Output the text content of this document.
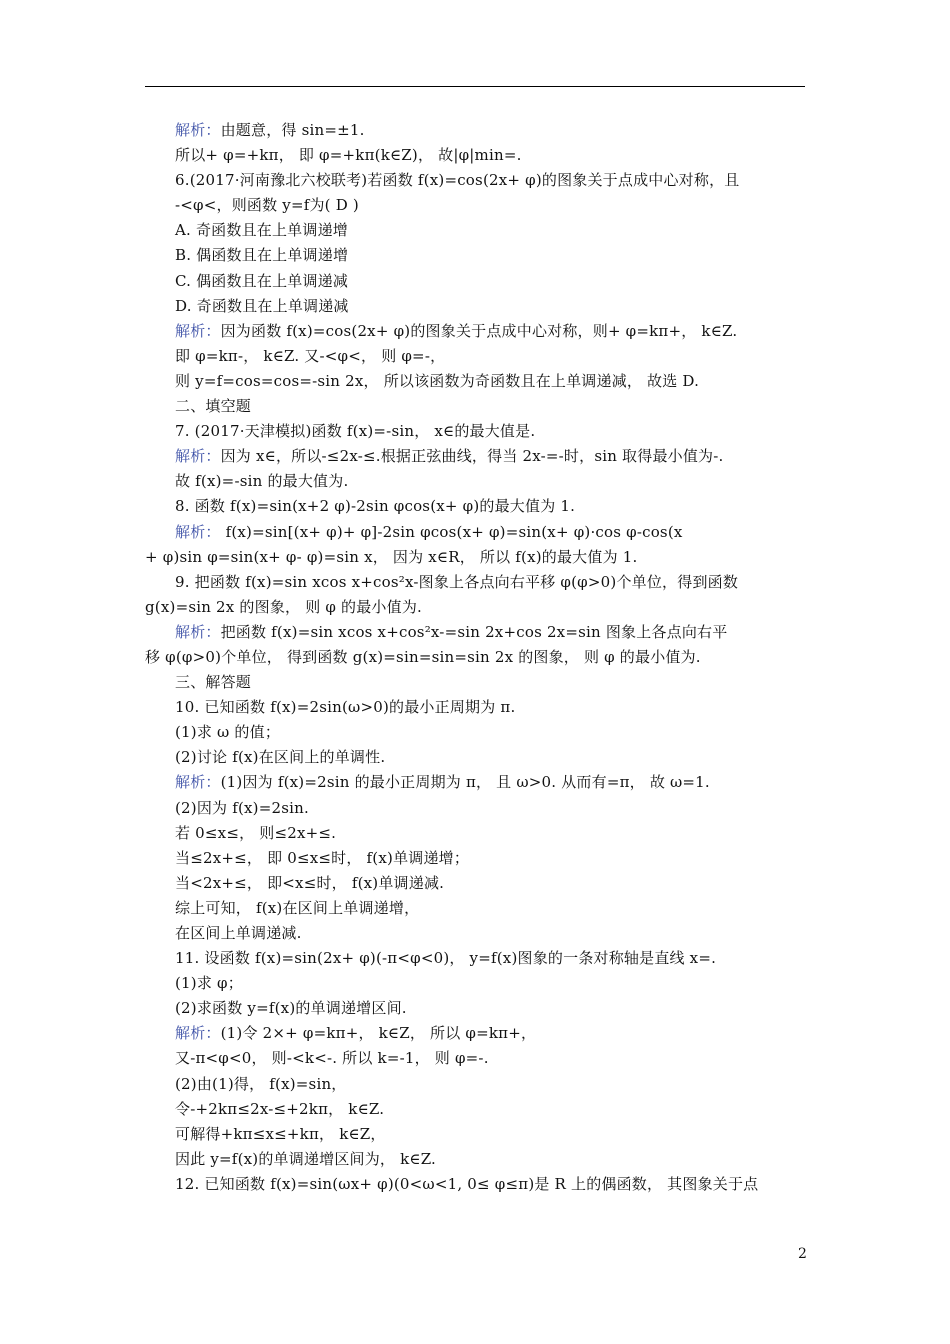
解析：由题意，得 sin=±1.
所以+ φ=+kπ， 即 φ=+kπ(k∈Z)， 故|φ|min=.
6.(2017·河南豫北六校联考)若函数 f(x)=cos(2x+ φ)的图象关于点成中心对称，且
-<φ<，则函数 y=f为( D )
A. 奇函数且在上单调递增
B. 偶函数且在上单调递增
C. 偶函数且在上单调递减
D. 奇函数且在上单调递减
解析：因为函数 f(x)=cos(2x+ φ)的图象关于点成中心对称，则+ φ=kπ+， k∈Z.
即 φ=kπ-， k∈Z. 又-<φ<， 则 φ=-，
则 y=f=cos=cos=-sin 2x， 所以该函数为奇函数且在上单调递减， 故选 D.
二、填空题
7. (2017·天津模拟)函数 f(x)=-sin， x∈的最大值是.
解析：因为 x∈，所以-≤2x-≤.根据正弦曲线，得当 2x-=-时，sin 取得最小值为-.
故 f(x)=-sin 的最大值为.
8. 函数 f(x)=sin(x+2 φ)-2sin φcos(x+ φ)的最大值为 1.
解析： f(x)=sin[(x+ φ)+ φ]-2sin φcos(x+ φ)=sin(x+ φ)·cos φ-cos(x
+ φ)sin φ=sin(x+ φ- φ)=sin x， 因为 x∈R， 所以 f(x)的最大值为 1.
9. 把函数 f(x)=sin xcos x+cos²x-图象上各点向右平移 φ(φ>0)个单位，得到函数
g(x)=sin 2x 的图象， 则 φ 的最小值为.
解析：把函数 f(x)=sin xcos x+cos²x-=sin 2x+cos 2x=sin 图象上各点向右平
移 φ(φ>0)个单位， 得到函数 g(x)=sin=sin=sin 2x 的图象， 则 φ 的最小值为.
三、解答题
10. 已知函数 f(x)=2sin(ω>0)的最小正周期为 π.
(1)求 ω 的值；
(2)讨论 f(x)在区间上的单调性.
解析：(1)因为 f(x)=2sin 的最小正周期为 π， 且 ω>0. 从而有=π， 故 ω=1.
(2)因为 f(x)=2sin.
若 0≤x≤， 则≤2x+≤.
当≤2x+≤， 即 0≤x≤时， f(x)单调递增；
当<2x+≤， 即<x≤时， f(x)单调递减.
综上可知， f(x)在区间上单调递增，
在区间上单调递减.
11. 设函数 f(x)=sin(2x+ φ)(-π<φ<0)， y=f(x)图象的一条对称轴是直线 x=.
(1)求 φ；
(2)求函数 y=f(x)的单调递增区间.
解析：(1)令 2×+ φ=kπ+， k∈Z， 所以 φ=kπ+，
又-π<φ<0， 则-<k<-. 所以 k=-1， 则 φ=-.
(2)由(1)得， f(x)=sin，
令-+2kπ≤2x-≤+2kπ， k∈Z.
可解得+kπ≤x≤+kπ， k∈Z，
因此 y=f(x)的单调递增区间为， k∈Z.
12. 已知函数 f(x)=sin(ωx+ φ)(0<ω<1, 0≤ φ≤π)是 R 上的偶函数， 其图象关于点
2
